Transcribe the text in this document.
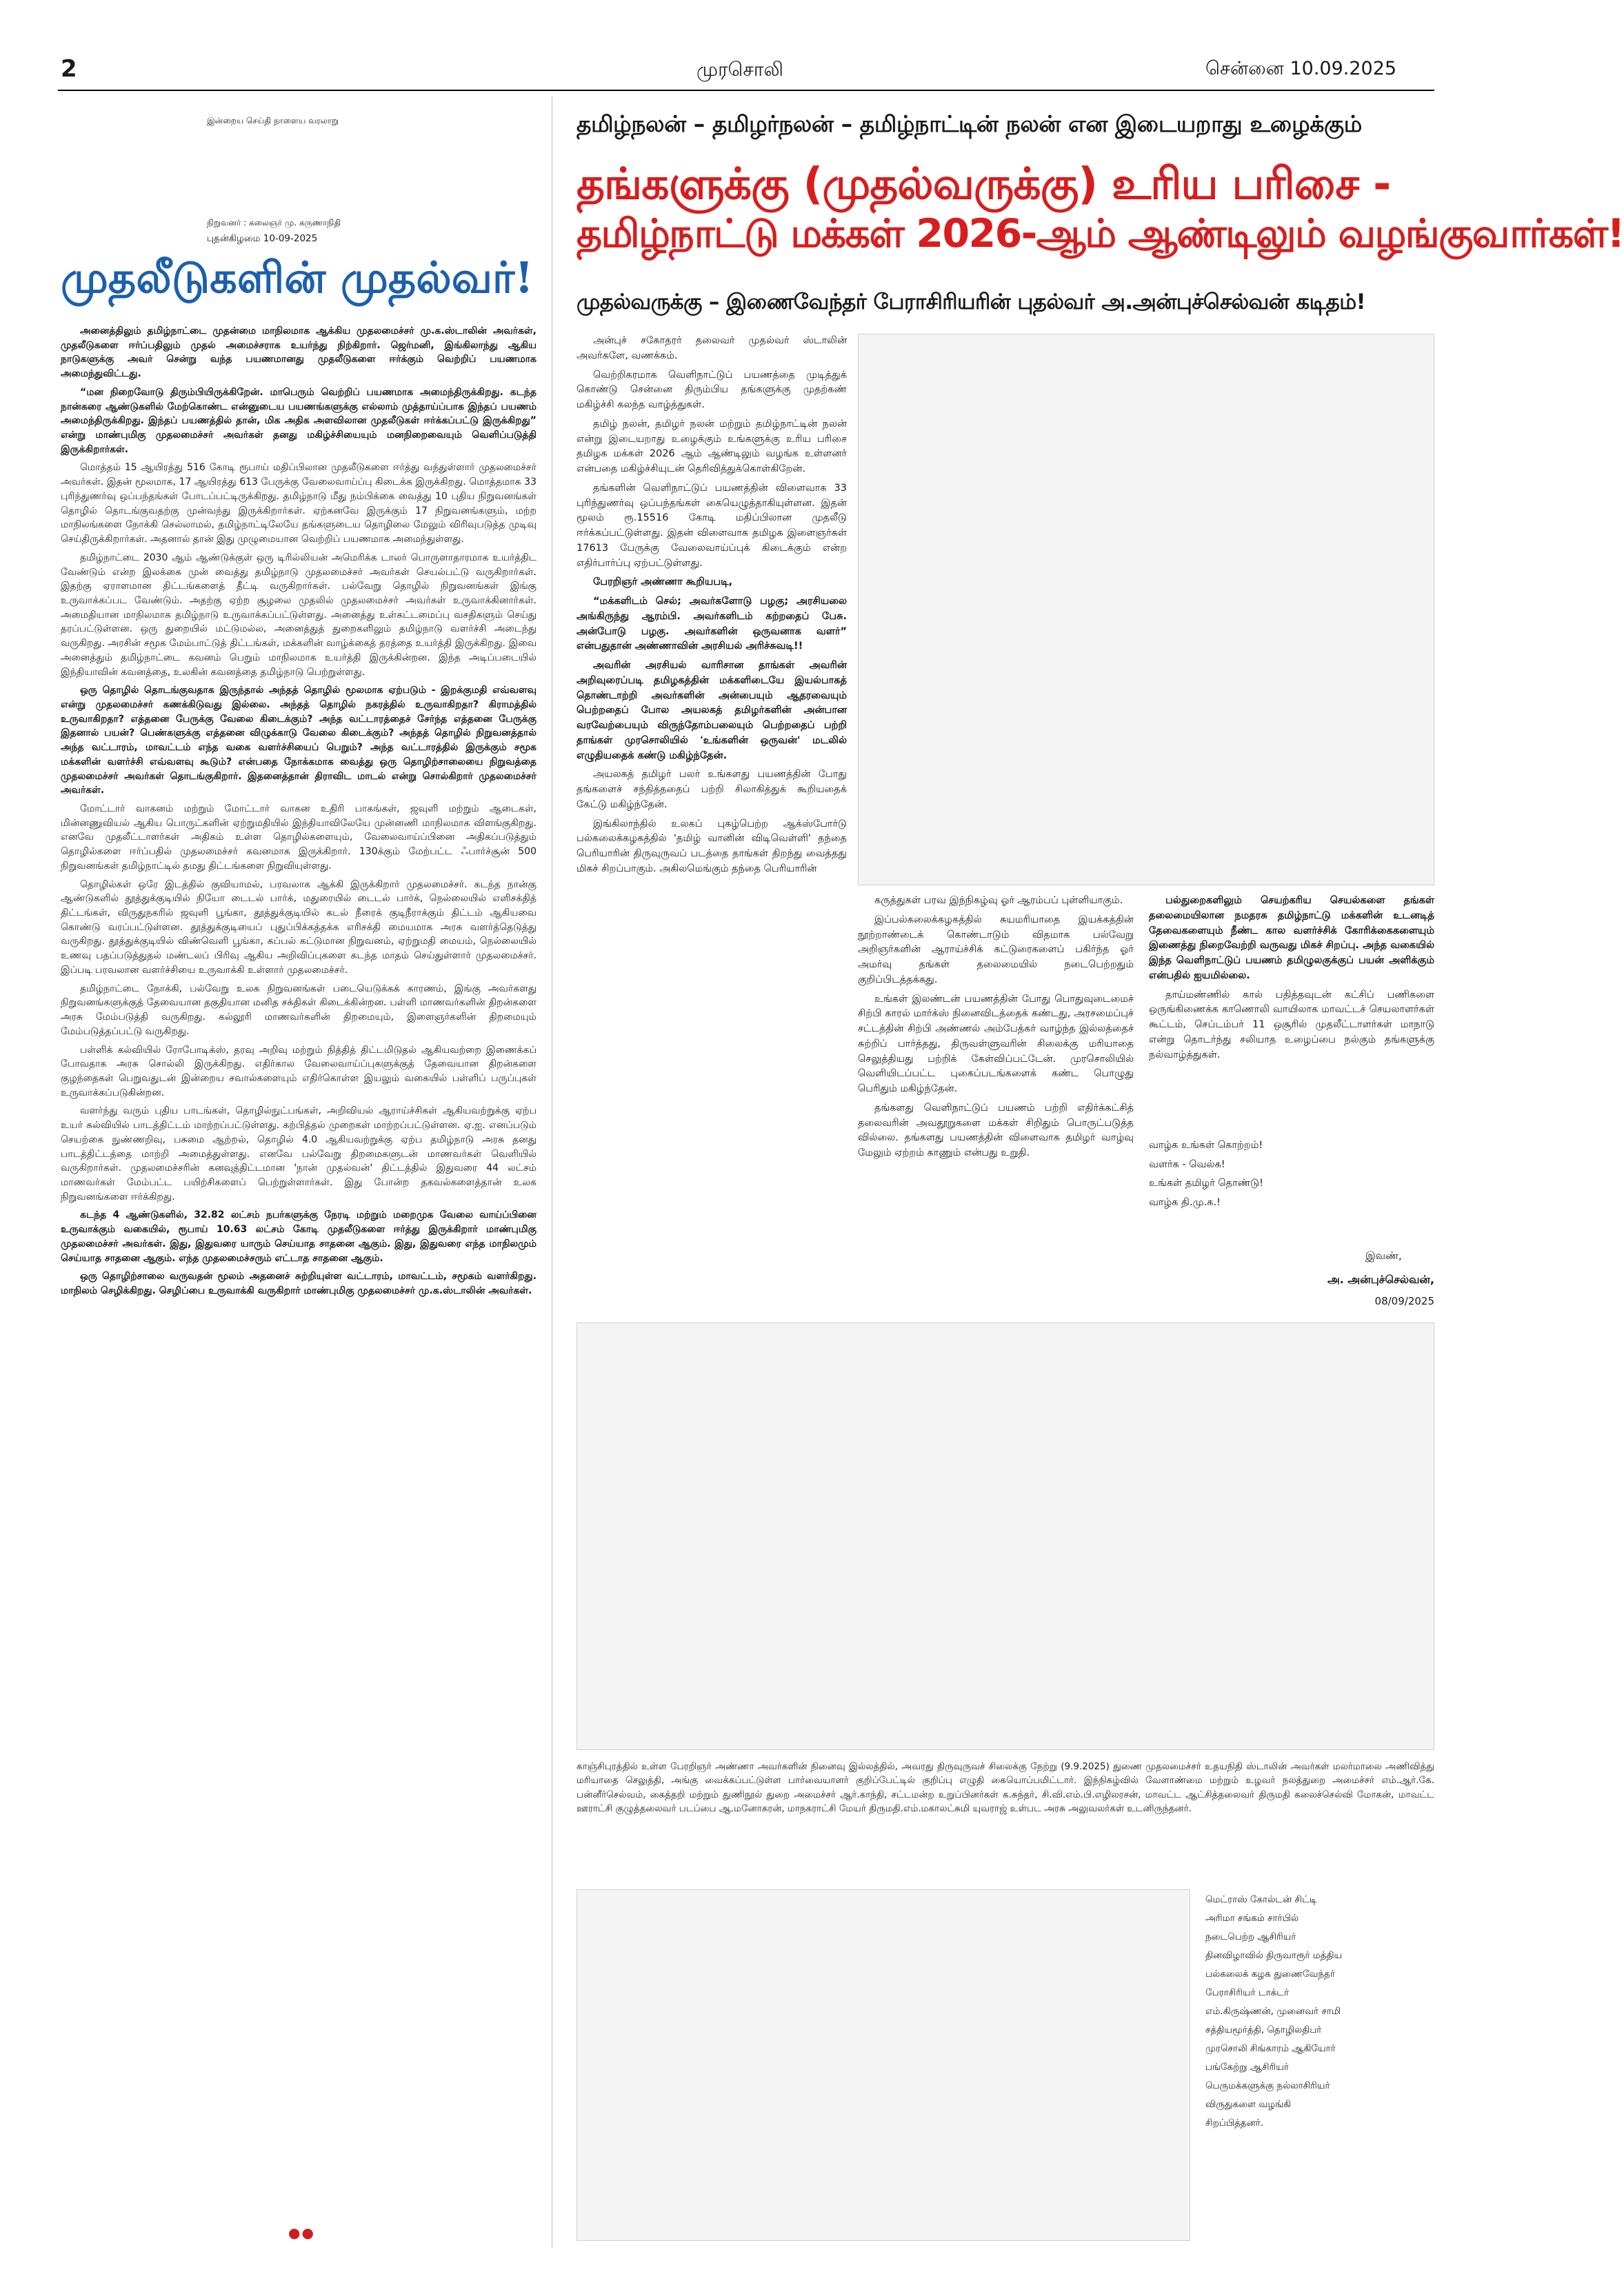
2	முரசொலி	சென்னை 10.09.2025
இன்றைய செய்தி நாளைய வரலாறு
நிறுவனர் : கலைஞர் மு. கருணாநிதி
புதன்கிழமை 10-09-2025
முதலீடுகளின் முதல்வர்!
அனைத்திலும் தமிழ்நாட்டை முதன்மை மாநிலமாக ஆக்கிய முதலமைச்சர் மு.க.ஸ்டாலின் அவர்கள், முதலீடுகளை ஈர்ப்பதிலும் முதல் அமைச்சராக உயர்ந்து நிற்கிறார். ஜெர்மனி, இங்கிலாந்து ஆகிய நாடுகளுக்கு அவர் சென்று வந்த பயணமானது முதலீடுகளை ஈர்க்கும் வெற்றிப் பயணமாக அமைந்துவிட்டது.
“மன நிறைவோடு திரும்பியிருக்கிறேன். மாபெரும் வெற்றிப் பயணமாக அமைந்திருக்கிறது. கடந்த நான்கரை ஆண்டுகளில் மேற்கொண்ட என்னுடைய பயணங்களுக்கு எல்லாம் முத்தாய்ப்பாக இந்தப் பயணம் அமைந்திருக்கிறது. இந்தப் பயணத்தில் தான், மிக அதிக அளவிலான முதலீடுகள் ஈர்க்கப்பட்டு இருக்கிறது” என்று மாண்புமிகு முதலமைச்சர் அவர்கள் தனது மகிழ்ச்சியையும் மனநிறைவையும் வெளிப்படுத்தி இருக்கிறார்கள்.
மொத்தம் 15 ஆயிரத்து 516 கோடி ரூபாய் மதிப்பிலான முதலீடுகளை ஈர்த்து வந்துள்ளார் முதலமைச்சர் அவர்கள். இதன் மூலமாக, 17 ஆயிரத்து 613 பேருக்கு வேலைவாய்ப்பு கிடைக்க இருக்கிறது. மொத்தமாக 33 புரிந்துணர்வு ஒப்பந்தங்கள் போடப்பட்டிருக்கிறது. தமிழ்நாடு மீது நம்பிக்கை வைத்து 10 புதிய நிறுவனங்கள் தொழில் தொடங்குவதற்கு முன்வந்து இருக்கிறார்கள். ஏற்கனவே இருக்கும் 17 நிறுவனங்களும், மற்ற மாநிலங்களை நோக்கி செல்லாமல், தமிழ்நாட்டிலேயே தங்களுடைய தொழிலை மேலும் விரிவுபடுத்த முடிவு செய்திருக்கிறார்கள். அதனால் தான் இது முழுமையான வெற்றிப் பயணமாக அமைந்துள்ளது.
தமிழ்நாட்டை 2030 ஆம் ஆண்டுக்குள் ஒரு டிரில்லியன் அமெரிக்க டாலர் பொருளாதாரமாக உயர்த்திட வேண்டும் என்ற இலக்கை முன் வைத்து தமிழ்நாடு முதலமைச்சர் அவர்கள் செயல்பட்டு வருகிறார்கள். இதற்கு ஏராளமான திட்டங்களைத் தீட்டி வருகிறார்கள். பல்வேறு தொழில் நிறுவனங்கள் இங்கு உருவாக்கப்பட வேண்டும். அதற்கு ஏற்ற சூழலை முதலில் முதலமைச்சர் அவர்கள் உருவாக்கினார்கள். அமைதியான மாநிலமாக தமிழ்நாடு உருவாக்கப்பட்டுள்ளது. அனைத்து உள்கட்டமைப்பு வசதிகளும் செய்து தரப்பட்டுள்ளன. ஒரு துறையில் மட்டுமல்ல, அனைத்துத் துறைகளிலும் தமிழ்நாடு வளர்ச்சி அடைந்து வருகிறது. அரசின் சமூக மேம்பாட்டுத் திட்டங்கள், மக்களின் வாழ்க்கைத் தரத்தை உயர்த்தி இருக்கிறது. இவை அனைத்தும் தமிழ்நாட்டை கவனம் பெறும் மாநிலமாக உயர்த்தி இருக்கின்றன. இந்த அடிப்படையில் இந்தியாவின் கவனத்தை, உலகின் கவனத்தை தமிழ்நாடு பெற்றுள்ளது.
ஒரு தொழில் தொடங்குவதாக இருந்தால் அந்தத் தொழில் மூலமாக ஏற்படும் - இறக்குமதி எவ்வளவு என்று முதலமைச்சர் கணக்கிடுவது இல்லை. அந்தத் தொழில் நகரத்தில் உருவாகிறதா? கிராமத்தில் உருவாகிறதா? எத்தனை பேருக்கு வேலை கிடைக்கும்? அந்த வட்டாரத்தைச் சேர்ந்த எத்தனை பேருக்கு இதனால் பயன்? பெண்களுக்கு எத்தனை விழுக்காடு வேலை கிடைக்கும்? அந்தத் தொழில் நிறுவனத்தால் அந்த வட்டாரம், மாவட்டம் எந்த வகை வளர்ச்சியைப் பெறும்? அந்த வட்டாரத்தில் இருக்கும் சமூக மக்களின் வளர்ச்சி எவ்வளவு கூடும்? என்பதை நோக்கமாக வைத்து ஒரு தொழிற்சாலையை நிறுவத்தை முதலமைச்சர் அவர்கள் தொடங்குகிறார். இதனைத்தான் திராவிட மாடல் என்று சொல்கிறார் முதலமைச்சர் அவர்கள்.
மோட்டார் வாகனம் மற்றும் மோட்டார் வாகன உதிரி பாகங்கள், ஜவுளி மற்றும் ஆடைகள், மின்னணுவியல் ஆகிய பொருட்களின் ஏற்றுமதியில் இந்தியாவிலேயே முன்னணி மாநிலமாக விளங்குகிறது. எனவே முதலீட்டாளர்கள் அதிகம் உள்ள தொழில்களையும், வேலைவாய்ப்பினை அதிகப்படுத்தும் தொழில்களை ஈர்ப்பதில் முதலமைச்சர் கவனமாக இருக்கிறார். 130க்கும் மேற்பட்ட ஃபார்ச்சூன் 500 நிறுவனங்கள் தமிழ்நாட்டில் தமது திட்டங்களை நிறுவியுள்ளது.
தொழில்கள் ஒரே இடத்தில் குவியாமல், பரவலாக ஆக்கி இருக்கிறார் முதலமைச்சர். கடந்த நான்கு ஆண்டுகளில் தூத்துக்குடியில் நியோ டைடல் பார்க், மதுரையில் டைடல் பார்க், நெல்லையில் எளிசக்தித் திட்டங்கள், விருதுநகரில் ஜவுளி பூங்கா, தூத்துக்குடியில் கடல் நீரைக் குடிநீராக்கும் திட்டம் ஆகியவை கொண்டு வரப்பட்டுள்ளன. தூத்துக்குடியைப் புதுப்பிக்கத்தக்க எரிசக்தி மையமாக அரசு வளர்த்தெடுத்து வருகிறது. தூத்துக்குடியில் விண்வெளி பூங்கா, கப்பல் கட்டுமான நிறுவனம், ஏற்றுமதி மையம், நெல்லையில் உணவு பதப்படுத்துதல் மண்டலப் பிரிவு ஆகிய அறிவிப்புகளை கடந்த மாதம் செய்துள்ளார் முதலமைச்சர். இப்படி பரவலான வளர்ச்சியை உருவாக்கி உள்ளார் முதலமைச்சர்.
தமிழ்நாட்டை நோக்கி, பல்வேறு உலக நிறுவனங்கள் படையெடுக்கக் காரணம், இங்கு அவர்களது நிறுவனங்களுக்குத் தேவையான தகுதியான மனித சக்திகள் கிடைக்கின்றன. பள்ளி மாணவர்களின் திறன்களை அரசு மேம்படுத்தி வருகிறது. கல்லூரி மாணவர்களின் திறமையும், இளைஞர்களின் திறமையும் மேம்படுத்தப்பட்டு வருகிறது.
பள்ளிக் கல்வியில் ரோபோடிக்ஸ், தரவு அறிவு மற்றும் நித்தித் திட்டமிடுதல் ஆகியவற்றை இணைக்கப் போவதாக அரசு சொல்லி இருக்கிறது. எதிர்கால வேலைவாய்ப்புகளுக்குத் தேவையான திறன்களை குழந்தைகள் பெறுவதுடன் இன்றைய சவால்களையும் எதிர்கொள்ள இயலும் வகையில் பள்ளிப் பருப்புகள் உருவாக்கப்படுகின்றன.
வளர்ந்து வரும் புதிய பாடங்கள், தொழில்நுட்பங்கள், அறிவியல் ஆராய்ச்சிகள் ஆகியவற்றுக்கு ஏற்ப உயர் கல்வியில் பாடத்திட்டம் மாற்றப்பட்டுள்ளது. கற்பித்தல் முறைகள் மாற்றப்பட்டுள்ளன. ஏ.ஐ. எனப்படும் செயற்கை நுண்ணறிவு, பசுமை ஆற்றல், தொழில் 4.0 ஆகியவற்றுக்கு ஏற்ப தமிழ்நாடு அரசு தனது பாடத்திட்டத்தை மாற்றி அமைத்துள்ளது. எனவே பல்வேறு திறமைகளுடன் மாணவர்கள் வெளியில் வருகிறார்கள். முதலமைச்சரின் கனவுத்திட்டமான 'நான் முதல்வன்' திட்டத்தில் இதுவரை 44 லட்சம் மாணவர்கள் மேம்பட்ட பயிற்சிகளைப் பெற்றுள்ளார்கள். இது போன்ற தகவல்களைத்தான் உலக நிறுவனங்களை ஈர்க்கிறது.
கடந்த 4 ஆண்டுகளில், 32.82 லட்சம் நபர்களுக்கு நேரடி மற்றும் மறைமுக வேலை வாய்ப்பினை உருவாக்கும் வகையில், ரூபாய் 10.63 லட்சம் கோடி முதலீடுகளை ஈர்த்து இருக்கிறார் மாண்புமிகு முதலமைச்சர் அவர்கள். இது, இதுவரை யாரும் செய்யாத சாதனை ஆகும். இது, இதுவரை எந்த மாநிலமும் செய்யாத சாதனை ஆகும். எந்த முதலமைச்சரும் எட்டாத சாதனை ஆகும்.
ஒரு தொழிற்சாலை வருவதன் மூலம் அதனைச் சுற்றியுள்ள வட்டாரம், மாவட்டம், சமூகம் வளர்கிறது. மாநிலம் செழிக்கிறது. செழிப்பை உருவாக்கி வருகிறார் மாண்புமிகு முதலமைச்சர் மு.க.ஸ்டாலின் அவர்கள்.
●●
தமிழ்நலன் – தமிழர்நலன் – தமிழ்நாட்டின் நலன் என இடையறாது உழைக்கும்
தங்களுக்கு (முதல்வருக்கு) உரிய பரிசை -
தமிழ்நாட்டு மக்கள் 2026-ஆம் ஆண்டிலும் வழங்குவார்கள்!
முதல்வருக்கு – இணைவேந்தர் பேராசிரியரின் புதல்வர் அ.அன்புச்செல்வன் கடிதம்!
அன்புச் சகோதரர் தலைவர் முதல்வர் ஸ்டாலின் அவர்களே, வணக்கம்.
வெற்றிகரமாக வெளிநாட்டுப் பயணத்தை முடித்துக் கொண்டு சென்னை திரும்பிய தங்களுக்கு முதற்கண் மகிழ்ச்சி கலந்த வாழ்த்துகள்.
தமிழ் நலன், தமிழர் நலன் மற்றும் தமிழ்நாட்டின் நலன் என்று இடையறாது உழைக்கும் உங்களுக்கு உரிய பரிசை தமிழக மக்கள் 2026 ஆம் ஆண்டிலும் வழங்க உள்ளனர் என்பதை மகிழ்ச்சியுடன் தெரிவித்துக்கொள்கிறேன்.
தங்களின் வெளிநாட்டுப் பயணத்தின் விளைவாக 33 புரிந்துணர்வு ஒப்பந்தங்கள் கையெழுத்தாகியுள்ளன. இதன் மூலம் ரூ.15516 கோடி மதிப்பிலான முதலீடு ஈர்க்கப்பட்டுள்ளது. இதன் விளைவாக தமிழக இளைஞர்கள் 17613 பேருக்கு வேலைவாய்ப்புக் கிடைக்கும் என்ற எதிர்பார்ப்பு ஏற்பட்டுள்ளது.
பேரறிஞர் அண்ணா கூறியபடி,
“மக்களிடம் செல்; அவர்களோடு பழகு; அரசியலை அங்கிருந்து ஆரம்பி. அவர்களிடம் கற்றதைப் பேசு. அன்போடு பழகு. அவர்களின் ஒருவனாக வளர்” என்பதுதான் அண்ணாவின் அரசியல் அரிச்சுவடி!!
அவரின் அரசியல் வாரிசான தாங்கள் அவரின் அறிவுரைப்படி தமிழகத்தின் மக்களிடையே இயல்பாகத் தொண்டாற்றி அவர்களின் அன்பையும் ஆதரவையும் பெற்றதைப் போல அயலகத் தமிழர்களின் அன்பான வரவேற்பையும் விருந்தோம்பலையும் பெற்றதைப் பற்றி தாங்கள் முரசொலியில் 'உங்களின் ஒருவன்' மடலில் எழுதியதைக் கண்டு மகிழ்ந்தேன்.
அயலகத் தமிழர் பலர் உங்களது பயணத்தின் போது தங்களைச் சந்தித்ததைப் பற்றி சிலாகித்துக் கூறியதைக் கேட்டு மகிழ்ந்தேன்.
இங்கிலாந்தில் உலகப் புகழ்பெற்ற ஆக்ஸ்போர்டு பல்கலைக்கழகத்தில் 'தமிழ் வானின் விடிவெள்ளி' தந்தை பெரியாரின் திருவுருவப் படத்தை தாங்கள் திறந்து வைத்தது மிகச் சிறப்பாகும். அகிலமெங்கும் தந்தை பெரியாரின்
கருத்துகள் பரவ இந்நிகழ்வு ஓர் ஆரம்பப் புள்ளியாகும்.
இப்பல்கலைக்கழகத்தில் சுயமரியாதை இயக்கத்தின் நூற்றாண்டைக் கொண்டாடும் விதமாக பல்வேறு அறிஞர்களின் ஆராய்ச்சிக் கட்டுரைகளைப் பகிர்ந்த ஓர் அமர்வு தங்கள் தலைமையில் நடைபெற்றதும் குறிப்பிடத்தக்கது.
உங்கள் இலண்டன் பயணத்தின் போது பொதுவுடைமைச் சிற்பி காரல் மார்க்ஸ் நினைவிடத்தைக் கண்டது, அரசமைப்புச் சட்டத்தின் சிற்பி அண்ணல் அம்பேத்கர் வாழ்ந்த இல்லத்தைச் சுற்றிப் பார்த்தது, திருவள்ளுவரின் சிலைக்கு மரியாதை செலுத்தியது பற்றிக் கேள்விப்பட்டேன். முரசொலியில் வெளியிடப்பட்ட புகைப்படங்களைக் கண்ட பொழுது பெரிதும் மகிழ்ந்தேன்.
தங்களது வெளிநாட்டுப் பயணம் பற்றி எதிர்க்கட்சித் தலைவரின் அவதூறுகளை மக்கள் சிறிதும் பொருட்படுத்த வில்லை. தங்களது பயணத்தின் விளைவாக தமிழர் வாழ்வு மேலும் ஏற்றம் காணும் என்பது உறுதி.
பல்துறைகளிலும் செயற்கரிய செயல்களை தங்கள் தலைமையிலான நமதரசு தமிழ்நாட்டு மக்களின் உடனடித் தேவைகளையும் நீண்ட கால வளர்ச்சிக் கோரிக்கைகளையும் இணைத்து நிறைவேற்றி வருவது மிகச் சிறப்பு. அந்த வகையில் இந்த வெளிநாட்டுப் பயணம் தமிழுலகுக்குப் பயன் அளிக்கும் என்பதில் ஐயமில்லை.
தாய்மண்ணில் கால் பதித்தவுடன் கட்சிப் பணிகளை ஒருங்கிணைக்க காணொலி வாயிலாக மாவட்டச் செயலாளர்கள் கூட்டம், செப்டம்பர் 11 ஒசூரில் முதலீட்டாளர்கள் மாநாடு என்று தொடர்ந்து சலியாத உழைப்பை நல்கும் தங்களுக்கு நல்வாழ்த்துகள்.
வாழ்க உங்கள் கொற்றம்!
வளர்க - வெல்க!
உங்கள் தமிழர் தொண்டு!
வாழ்க தி.மு.க.!
இவண்,
அ. அன்புச்செல்வன்,
08/09/2025
காஞ்சிபுரத்தில் உள்ள பேரறிஞர் அண்ணா அவர்களின் நினைவு இல்லத்தில், அவரது திருவுருவச் சிலைக்கு நேற்று (9.9.2025) துணை முதலமைச்சர் உதயநிதி ஸ்டாலின் அவர்கள் மலர்மாலை அணிவித்து மரியாதை செலுத்தி, அங்கு வைக்கப்பட்டுள்ள பார்வையாளர் குறிப்பேட்டில் குறிப்பு எழுதி கையொப்பமிட்டார். இந்நிகழ்வில் வேளாண்மை மற்றும் உழவர் நலத்துறை அமைச்சர் எம்.ஆர்.கே. பன்னீர்செல்வம், கைத்தறி மற்றும் துணிநூல் துறை அமைச்சர் ஆர்.காந்தி, சட்டமன்ற உறுப்பினர்கள் க.சுந்தர், சி.வி.எம்.பி.எழிலரசன், மாவட்ட ஆட்சித்தலைவர் திருமதி கலைச்செல்வி மோகன், மாவட்ட ஊராட்சி குழுத்தலைவர் படப்பை ஆ.மனோகரன், மாநகராட்சி மேயர் திருமதி.எம்.மகாலட்சுமி யுவராஜ் உள்பட அரசு அலுவலர்கள் உடனிருந்தனர்.
மெட்ராஸ் கோல்டன் சிட்டி
அரிமா சங்கம் சார்பில்
நடைபெற்ற ஆசிரியர்
தினவிழாவில் திருவாரூர் மத்திய
பல்கலைக் கழக துணைவேந்தர்
பேராசிரியர் டாக்டர்
எம்.கிருஷ்ணன், முனைவர் சாமி
சத்தியமூர்த்தி, தொழிலதிபர்
முரசொலி சிங்காரம் ஆகியோர்
பங்கேற்று ஆசிரியர்
பெருமக்களுக்கு நல்லாசிரியர்
விருதுகளை வழங்கி
சிறப்பித்தனர்.
